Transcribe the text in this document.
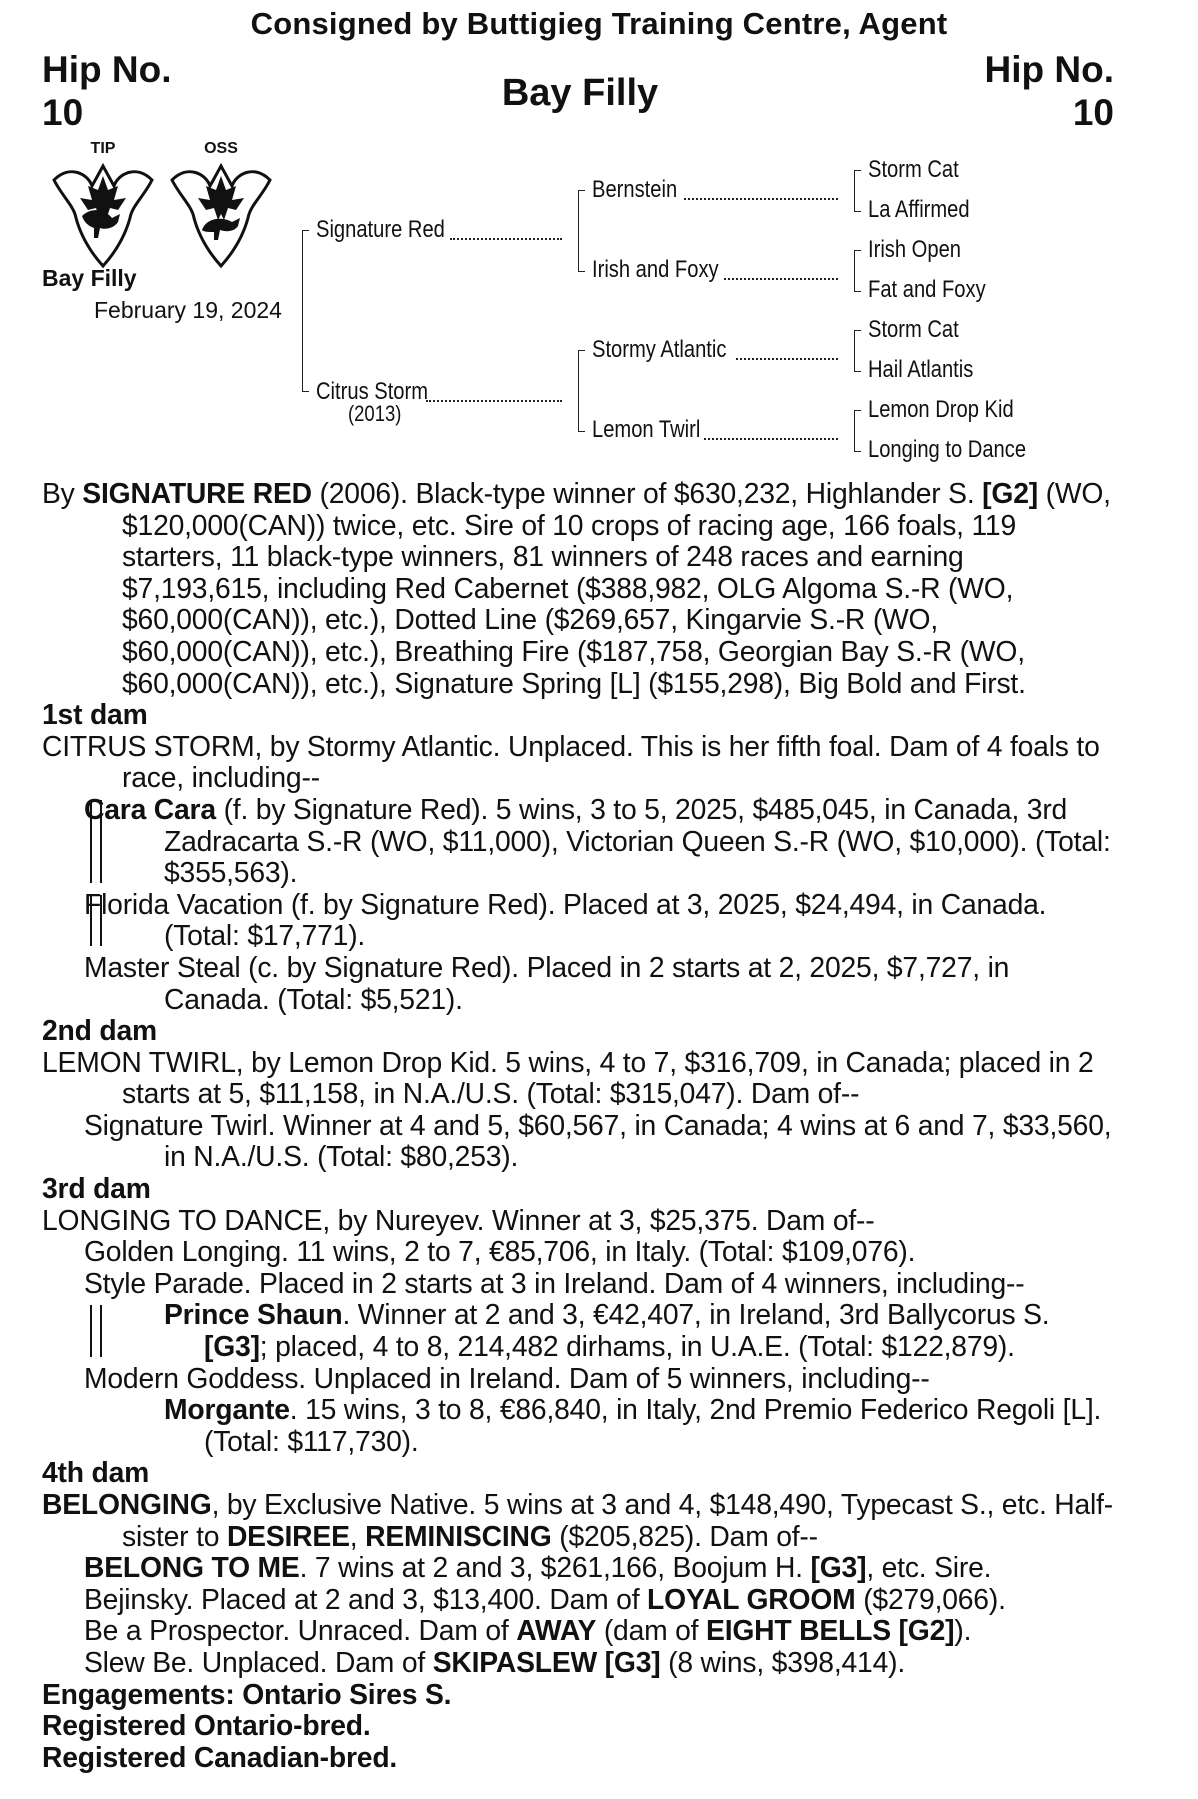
Consigned by Buttigieg Training Centre, Agent
Hip No.
10
Hip No.
10
Bay Filly
TIP	OSS
Bay Filly
February 19, 2024
Signature Red
Citrus Storm
(2013)
Bernstein
Irish and Foxy
Stormy Atlantic
Lemon Twirl
Storm Cat
La Affirmed
Irish Open
Fat and Foxy
Storm Cat
Hail Atlantis
Lemon Drop Kid
Longing to Dance

By SIGNATURE RED (2006). Black-type winner of $630,232, Highlander S. [G2] (WO, $120,000(CAN)) twice, etc. Sire of 10 crops of racing age, 166 foals, 119 starters, 11 black-type winners, 81 winners of 248 races and earning $7,193,615, including Red Cabernet ($388,982, OLG Algoma S.-R (WO, $60,000(CAN)), etc.), Dotted Line ($269,657, Kingarvie S.-R (WO, $60,000(CAN)), etc.), Breathing Fire ($187,758, Georgian Bay S.-R (WO, $60,000(CAN)), etc.), Signature Spring [L] ($155,298), Big Bold and First.

1st dam

CITRUS STORM, by Stormy Atlantic. Unplaced. This is her fifth foal. Dam of 4 foals to race, including--

Cara Cara (f. by Signature Red). 5 wins, 3 to 5, 2025, $485,045, in Canada, 3rd Zadracarta S.-R (WO, $11,000), Victorian Queen S.-R (WO, $10,000). (Total: $355,563).

Florida Vacation (f. by Signature Red). Placed at 3, 2025, $24,494, in Canada. (Total: $17,771).

Master Steal (c. by Signature Red). Placed in 2 starts at 2, 2025, $7,727, in Canada. (Total: $5,521).

2nd dam

LEMON TWIRL, by Lemon Drop Kid. 5 wins, 4 to 7, $316,709, in Canada; placed in 2 starts at 5, $11,158, in N.A./U.S. (Total: $315,047). Dam of--

Signature Twirl. Winner at 4 and 5, $60,567, in Canada; 4 wins at 6 and 7, $33,560, in N.A./U.S. (Total: $80,253).

3rd dam

LONGING TO DANCE, by Nureyev. Winner at 3, $25,375. Dam of--

Golden Longing. 11 wins, 2 to 7, €85,706, in Italy. (Total: $109,076).

Style Parade. Placed in 2 starts at 3 in Ireland. Dam of 4 winners, including--

Prince Shaun. Winner at 2 and 3, €42,407, in Ireland, 3rd Ballycorus S. [G3]; placed, 4 to 8, 214,482 dirhams, in U.A.E. (Total: $122,879).

Modern Goddess. Unplaced in Ireland. Dam of 5 winners, including--

Morgante. 15 wins, 3 to 8, €86,840, in Italy, 2nd Premio Federico Regoli [L]. (Total: $117,730).

4th dam

BELONGING, by Exclusive Native. 5 wins at 3 and 4, $148,490, Typecast S., etc. Half-sister to DESIREE, REMINISCING ($205,825). Dam of--

BELONG TO ME. 7 wins at 2 and 3, $261,166, Boojum H. [G3], etc. Sire.

Bejinsky. Placed at 2 and 3, $13,400. Dam of LOYAL GROOM ($279,066).

Be a Prospector. Unraced. Dam of AWAY (dam of EIGHT BELLS [G2]).

Slew Be. Unplaced. Dam of SKIPASLEW [G3] (8 wins, $398,414).

Engagements: Ontario Sires S.

Registered Ontario-bred.

Registered Canadian-bred.
